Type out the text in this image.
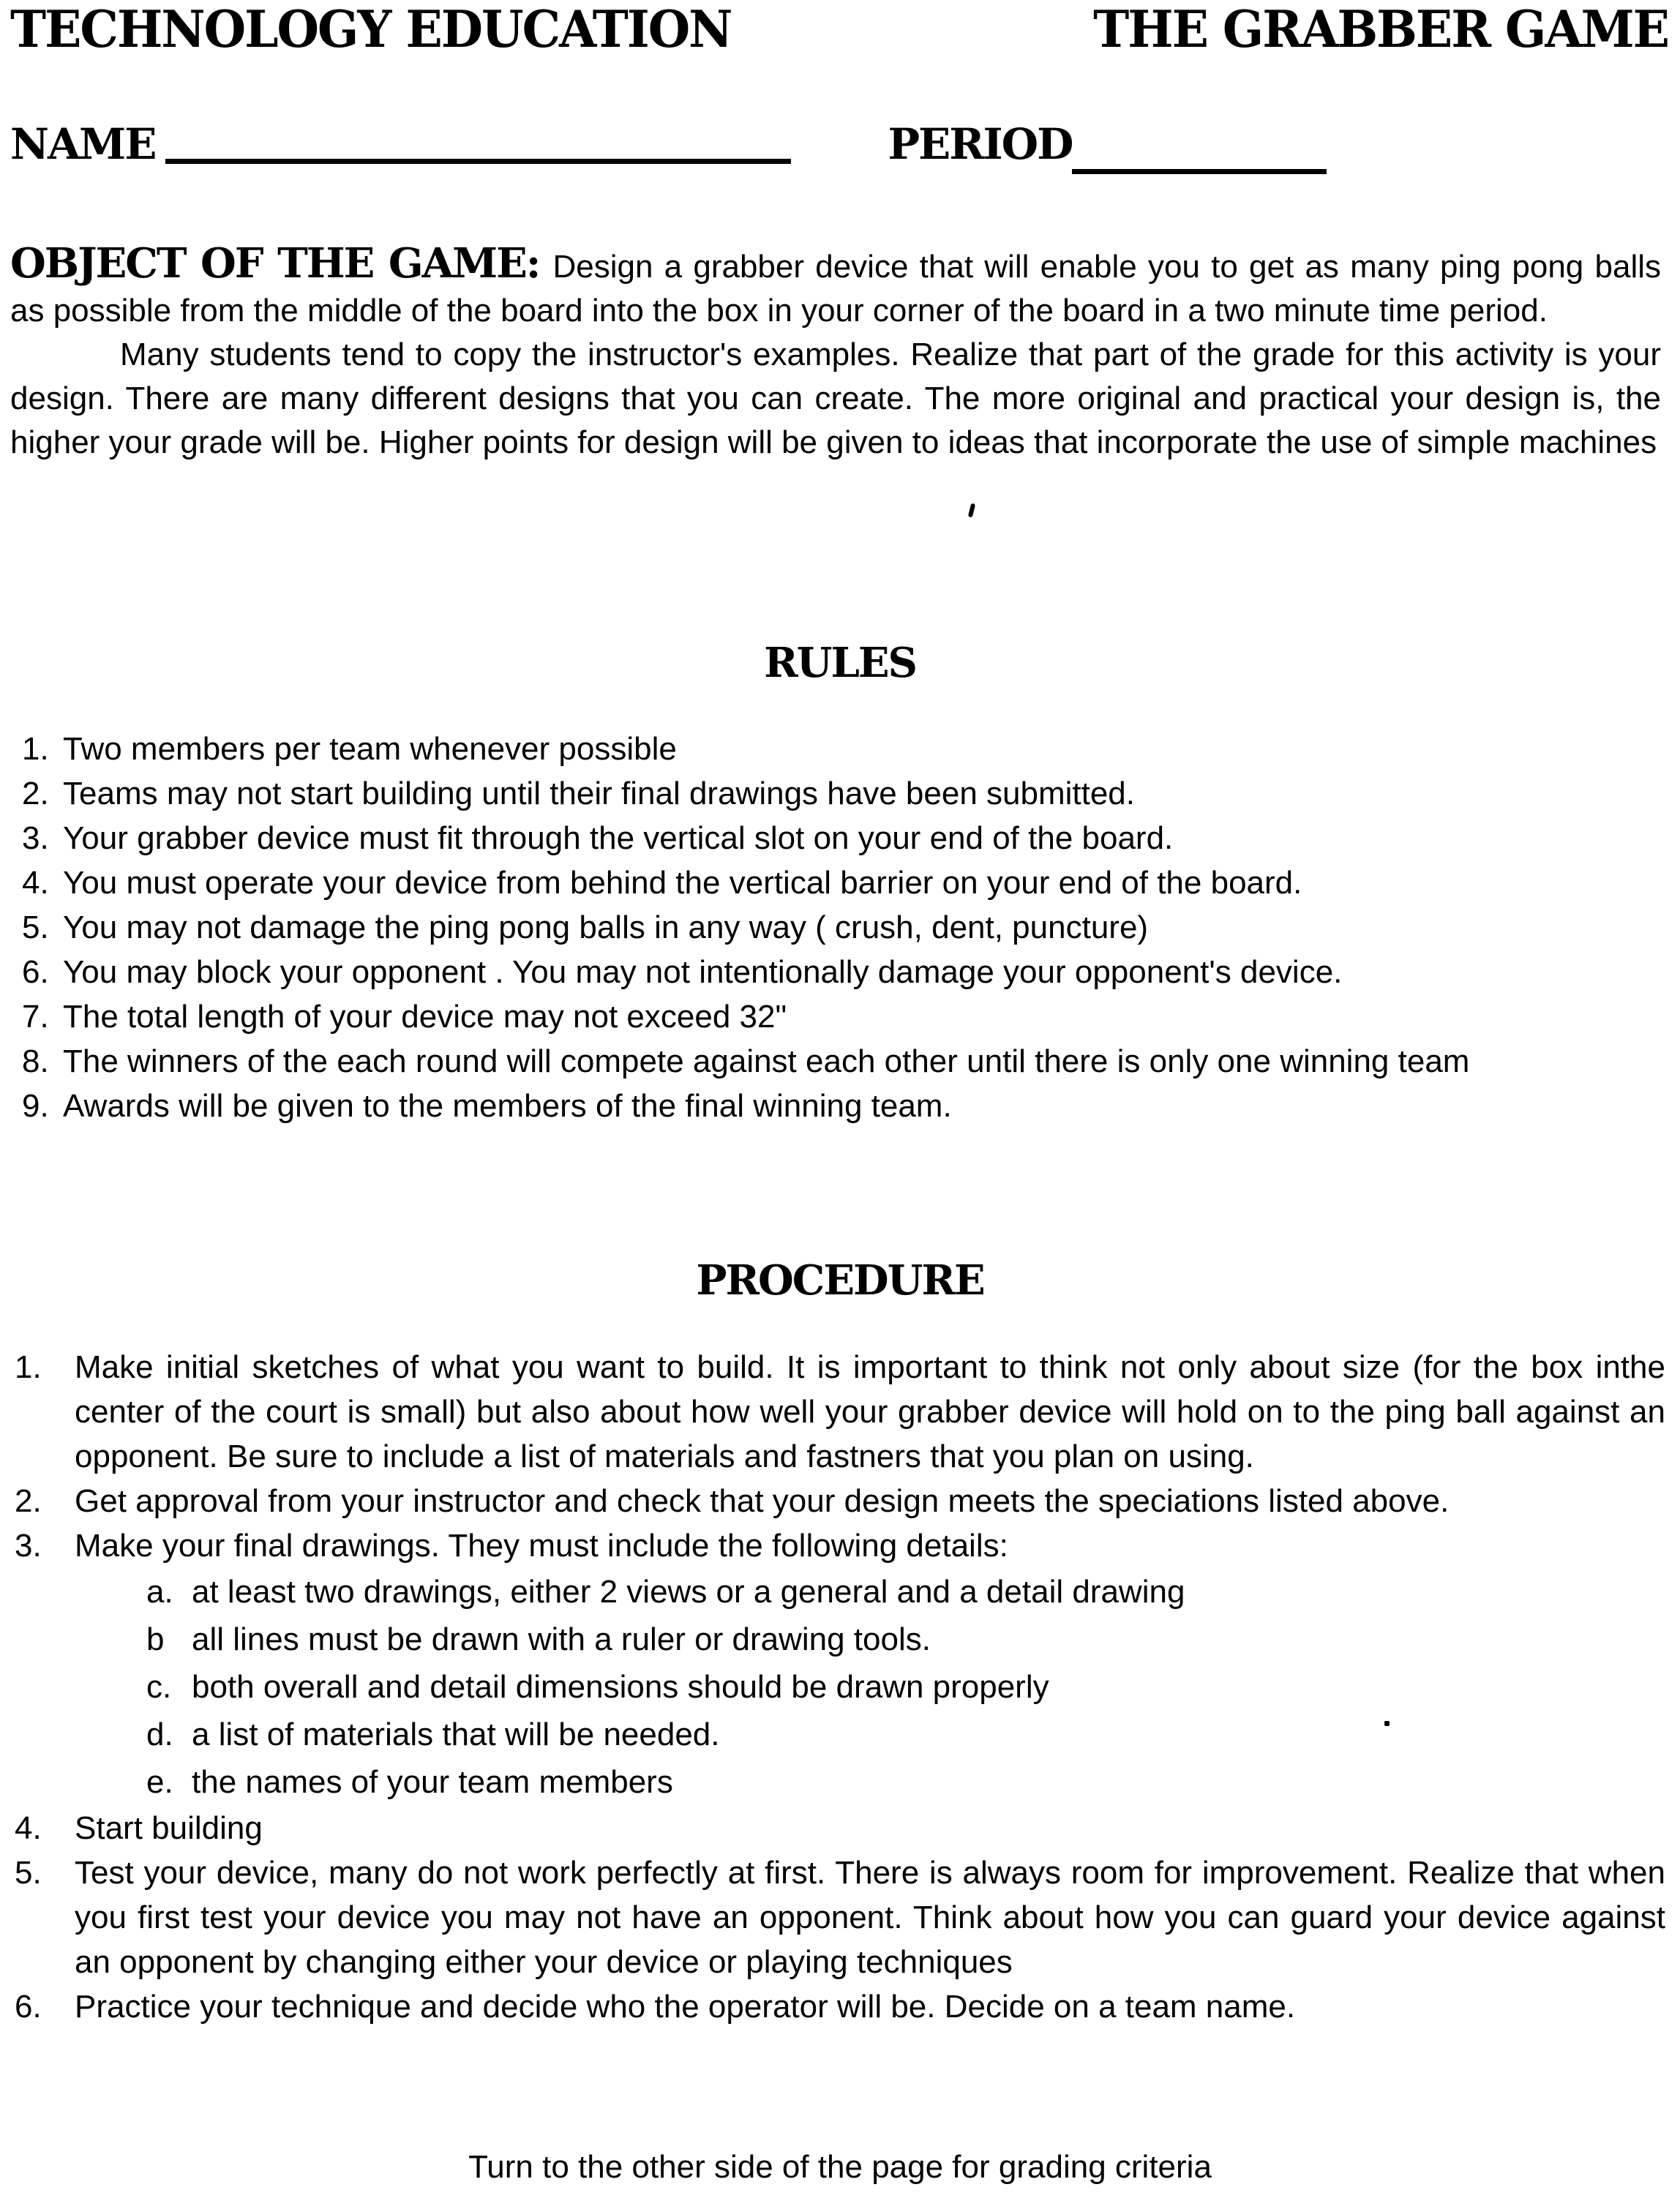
TECHNOLOGY EDUCATION	THE GRABBER GAME
NAME	PERIOD

OBJECT OF THE GAME: Design a grabber device that will enable you to get as many ping pong balls as possible from the middle of the board into the box in your corner of the board in a two minute time period.

Many students tend to copy the instructor's examples. Realize that part of the grade for this activity is your design. There are many different designs that you can create. The more original and practical your design is, the higher your grade will be. Higher points for design will be given to ideas that incorporate the use of simple machines

RULES
1. Two members per team whenever possible
2. Teams may not start building until their final drawings have been submitted.
3. Your grabber device must fit through the vertical slot on your end of the board.
4. You must operate your device from behind the vertical barrier on your end of the board.
5. You may not damage the ping pong balls in any way ( crush, dent, puncture)
6. You may block your opponent . You may not intentionally damage your opponent's device.
7. The total length of your device may not exceed 32"
8. The winners of the each round will compete against each other until there is only one winning team
9. Awards will be given to the members of the final winning team.
PROCEDURE
1. Make initial sketches of what you want to build. It is important to think not only about size (for the box inthe center of the court is small) but also about how well your grabber device will hold on to the ping ball against an opponent. Be sure to include a list of materials and fastners that you plan on using.
2. Get approval from your instructor and check that your design meets the speciations listed above.
3. Make your final drawings. They must include the following details:
a. at least two drawings, either 2 views or a general and a detail drawing
b all lines must be drawn with a ruler or drawing tools.
c. both overall and detail dimensions should be drawn properly
d. a list of materials that will be needed.
e. the names of your team members
4. Start building
5. Test your device, many do not work perfectly at first. There is always room for improvement. Realize that when you first test your device you may not have an opponent. Think about how you can guard your device against an opponent by changing either your device or playing techniques
6. Practice your technique and decide who the operator will be. Decide on a team name.
Turn to the other side of the page for grading criteria
